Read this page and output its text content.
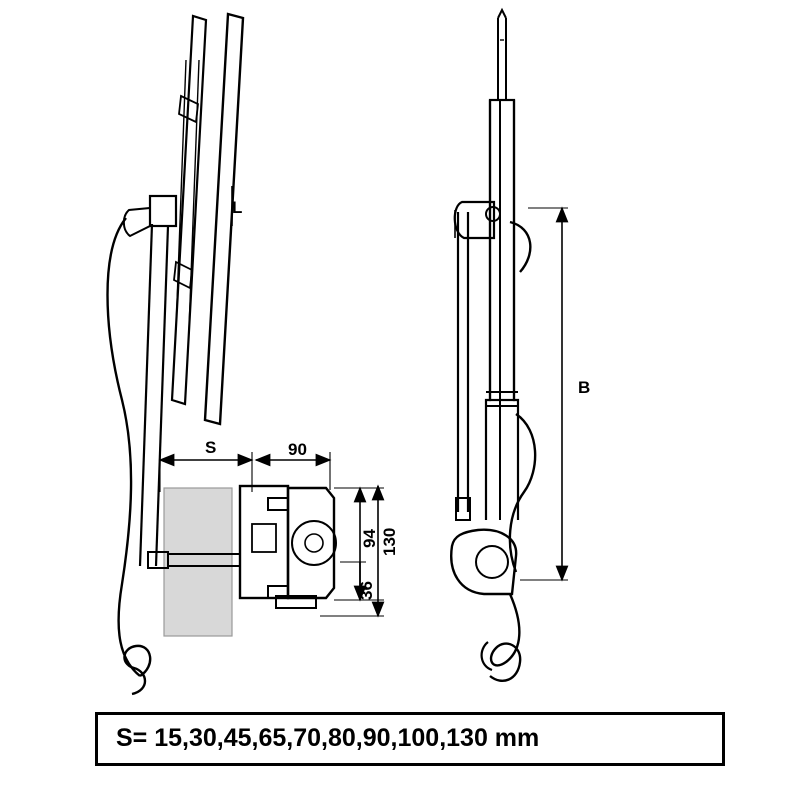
L
B
S	90
94 130
36
S= 15,30,45,65,70,80,90,100,130 mm
